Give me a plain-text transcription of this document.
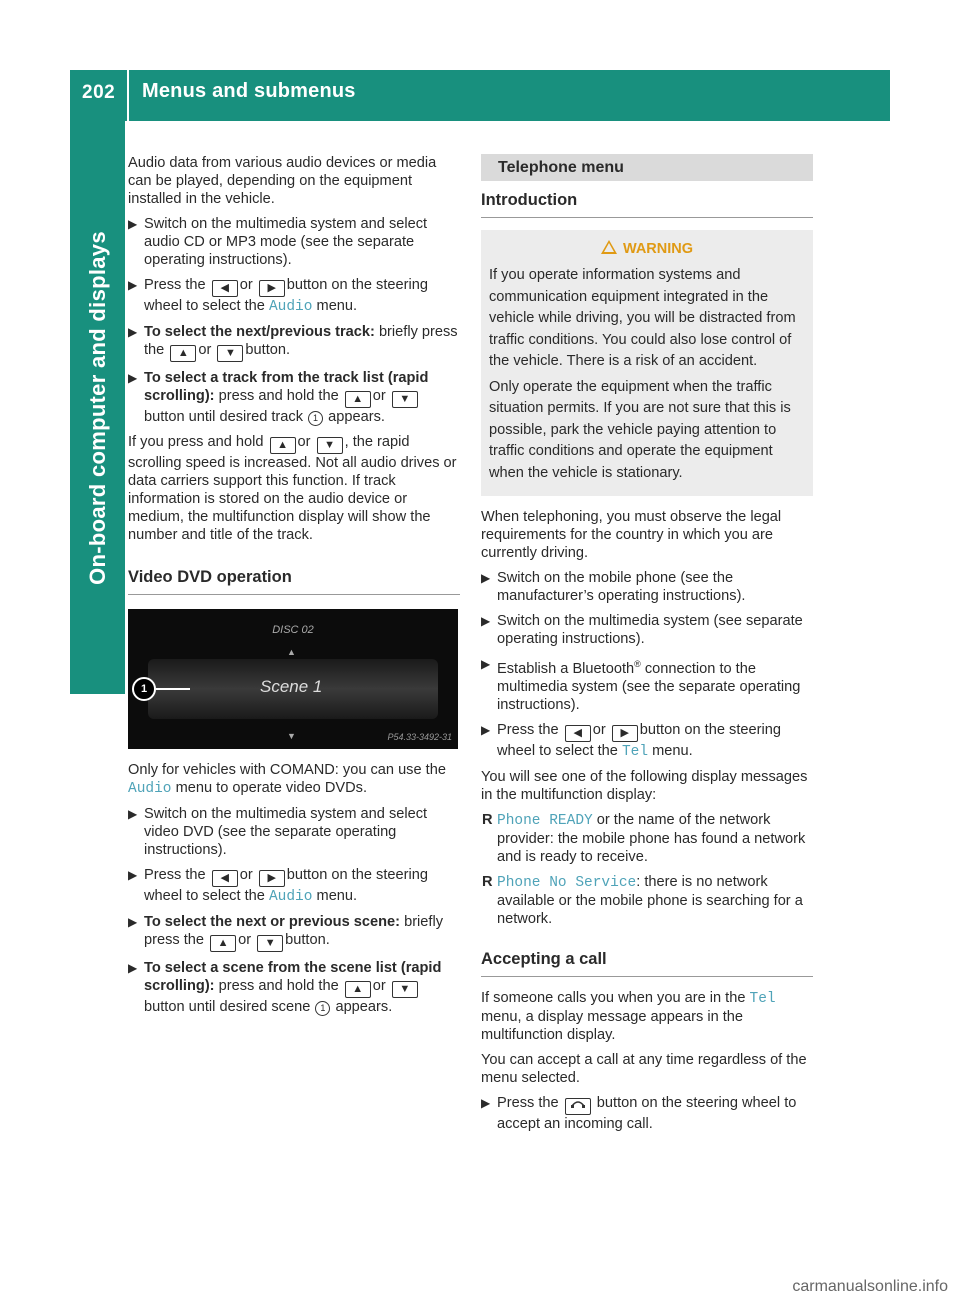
202	Menus and submenus
On-board computer and displays

Audio data from various audio devices or media can be played, depending on the equipment installed in the vehicle.

▶ Switch on the multimedia system and select audio CD or MP3 mode (see the separate operating instructions).
▶ Press the ◀ or ▶ button on the steering wheel to select the Audio menu.
▶ To select the next/previous track: briefly press the ▲ or ▼ button.
▶ To select a track from the track list (rapid scrolling): press and hold the ▲ or ▼ button until desired track 1 appears.

If you press and hold ▲ or ▼ , the rapid scrolling speed is increased. Not all audio drives or data carriers support this function. If track information is stored on the audio device or medium, the multifunction display will show the number and title of the track.

Video DVD operation
DISC 02
▲
1	Scene 1
▼	P54.33-3492-31

Only for vehicles with COMAND: you can use the Audio menu to operate video DVDs.

▶ Switch on the multimedia system and select video DVD (see the separate operating instructions).
▶ Press the ◀ or ▶ button on the steering wheel to select the Audio menu.
▶ To select the next or previous scene: briefly press the ▲ or ▼ button.
▶ To select a scene from the scene list (rapid scrolling): press and hold the ▲ or ▼ button until desired scene 1 appears.
Telephone menu
Introduction
WARNING

If you operate information systems and communication equipment integrated in the vehicle while driving, you will be distracted from traffic conditions. You could also lose control of the vehicle. There is a risk of an accident.

Only operate the equipment when the traffic situation permits. If you are not sure that this is possible, park the vehicle paying attention to traffic conditions and operate the equipment when the vehicle is stationary.

When telephoning, you must observe the legal requirements for the country in which you are currently driving.

▶ Switch on the mobile phone (see the manufacturer’s operating instructions).
▶ Switch on the multimedia system (see separate operating instructions).
▶ Establish a Bluetooth® connection to the multimedia system (see the separate operating instructions).
▶ Press the ◀ or ▶ button on the steering wheel to select the Tel menu.

You will see one of the following display messages in the multifunction display:

R Phone READY or the name of the network provider: the mobile phone has found a network and is ready to receive.
R Phone No Service: there is no network available or the mobile phone is searching for a network.
Accepting a call

If someone calls you when you are in the Tel menu, a display message appears in the multifunction display.

You can accept a call at any time regardless of the menu selected.

▶ Press the	button on the steering wheel to accept an incoming call.
carmanualsonline.info
